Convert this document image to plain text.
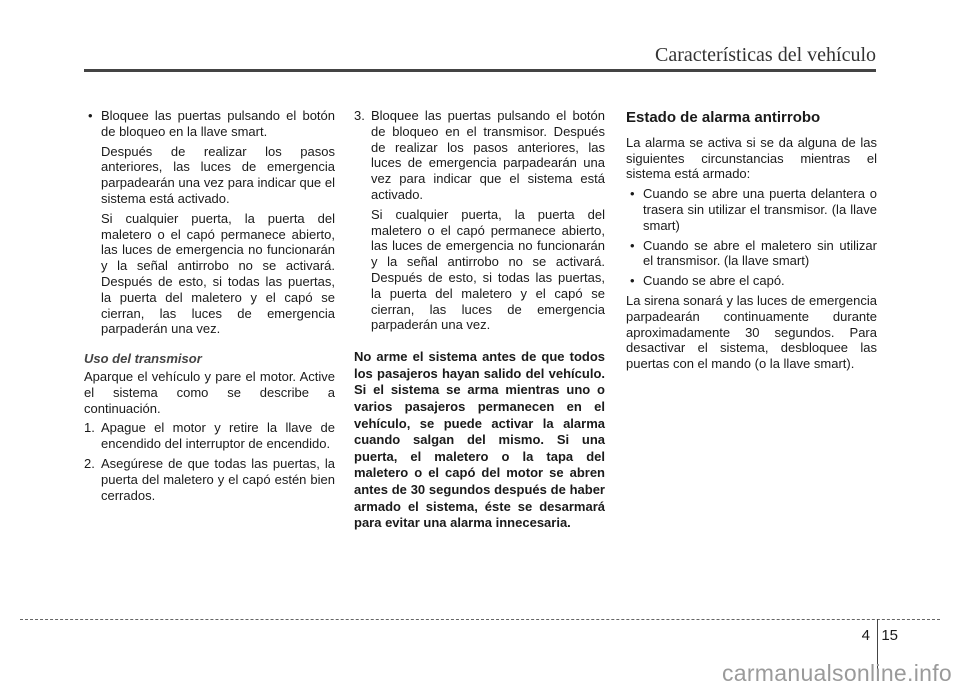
Características del vehículo

• Bloquee las puertas pulsando el botón de bloqueo en la llave smart.

Después de realizar los pasos anteriores, las luces de emergencia parpadearán una vez para indicar que el sistema está activado.

Si cualquier puerta, la puerta del maletero o el capó permanece abierto, las luces de emergencia no funcionarán y la señal antirrobo no se activará. Después de esto, si todas las puertas, la puerta del maletero y el capó se cierran, las luces de emergencia parpaderán una vez.

Uso del transmisor

Aparque el vehículo y pare el motor. Active el sistema como se describe a continuación.

1. Apague el motor y retire la llave de encendido del interruptor de encendido.

2. Asegúrese de que todas las puertas, la puerta del maletero y el capó estén bien cerrados.

3. Bloquee las puertas pulsando el botón de bloqueo en el transmisor. Después de realizar los pasos anteriores, las luces de emergencia parpadearán una vez para indicar que el sistema está activado.

Si cualquier puerta, la puerta del maletero o el capó permanece abierto, las luces de emergencia no funcionarán y la señal antirrobo no se activará. Después de esto, si todas las puertas, la puerta del maletero y el capó se cierran, las luces de emergencia parpaderán una vez.

No arme el sistema antes de que todos los pasajeros hayan salido del vehículo. Si el sistema se arma mientras uno o varios pasajeros permanecen en el vehículo, se puede activar la alarma cuando salgan del mismo. Si una puerta, el maletero o la tapa del maletero o el capó del motor se abren antes de 30 segundos después de haber armado el sistema, éste se desarmará para evitar una alarma innecesaria.

Estado de alarma antirrobo

La alarma se activa si se da alguna de las siguientes circunstancias mientras el sistema está armado:

• Cuando se abre una puerta delantera o trasera sin utilizar el transmisor. (la llave smart)

• Cuando se abre el maletero sin utilizar el transmisor. (la llave smart)

• Cuando se abre el capó.

La sirena sonará y las luces de emergencia parpadearán continuamente durante aproximadamente 30 segundos. Para desactivar el sistema, desbloquee las puertas con el mando (o la llave smart).

4 15
carmanualsonline.info
